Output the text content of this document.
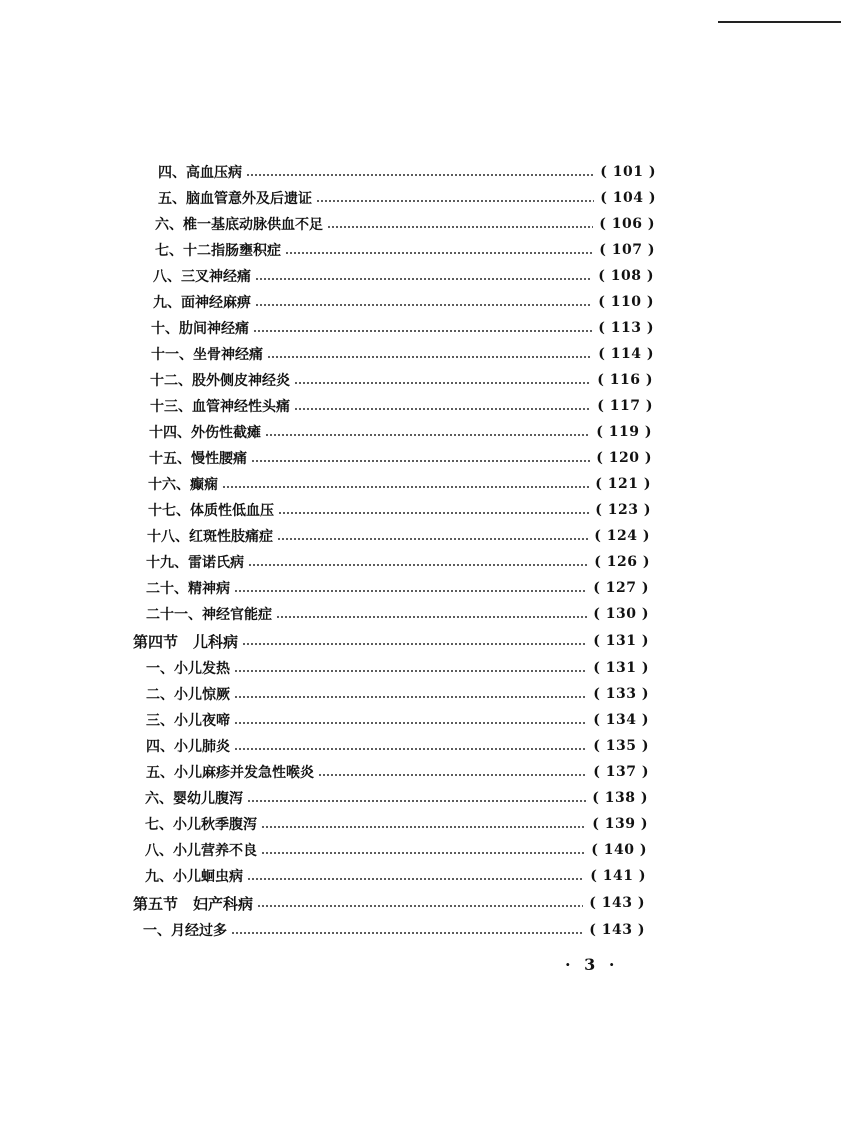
四、高血压病	( 101 )
五、脑血管意外及后遗证	( 104 )
六、椎一基底动脉供血不足	( 106 )
七、十二指肠壅积症	( 107 )
八、三叉神经痛	( 108 )
九、面神经麻痹	( 110 )
十、肋间神经痛	( 113 )
十一、坐骨神经痛	( 114 )
十二、股外侧皮神经炎	( 116 )
十三、血管神经性头痛	( 117 )
十四、外伤性截瘫	( 119 )
十五、慢性腰痛	( 120 )
十六、癫痫	( 121 )
十七、体质性低血压	( 123 )
十八、红斑性肢痛症	( 124 )
十九、雷诺氏病	( 126 )
二十、精神病	( 127 )
二十一、神经官能症	( 130 )
第四节　儿科病	( 131 )
一、小儿发热	( 131 )
二、小儿惊厥	( 133 )
三、小儿夜啼	( 134 )
四、小儿肺炎	( 135 )
五、小儿麻疹并发急性喉炎	( 137 )
六、婴幼儿腹泻	( 138 )
七、小儿秋季腹泻	( 139 )
八、小儿营养不良	( 140 )
九、小儿蛔虫病	( 141 )
第五节　妇产科病	( 143 )
一、月经过多	( 143 )
· 3 ·
